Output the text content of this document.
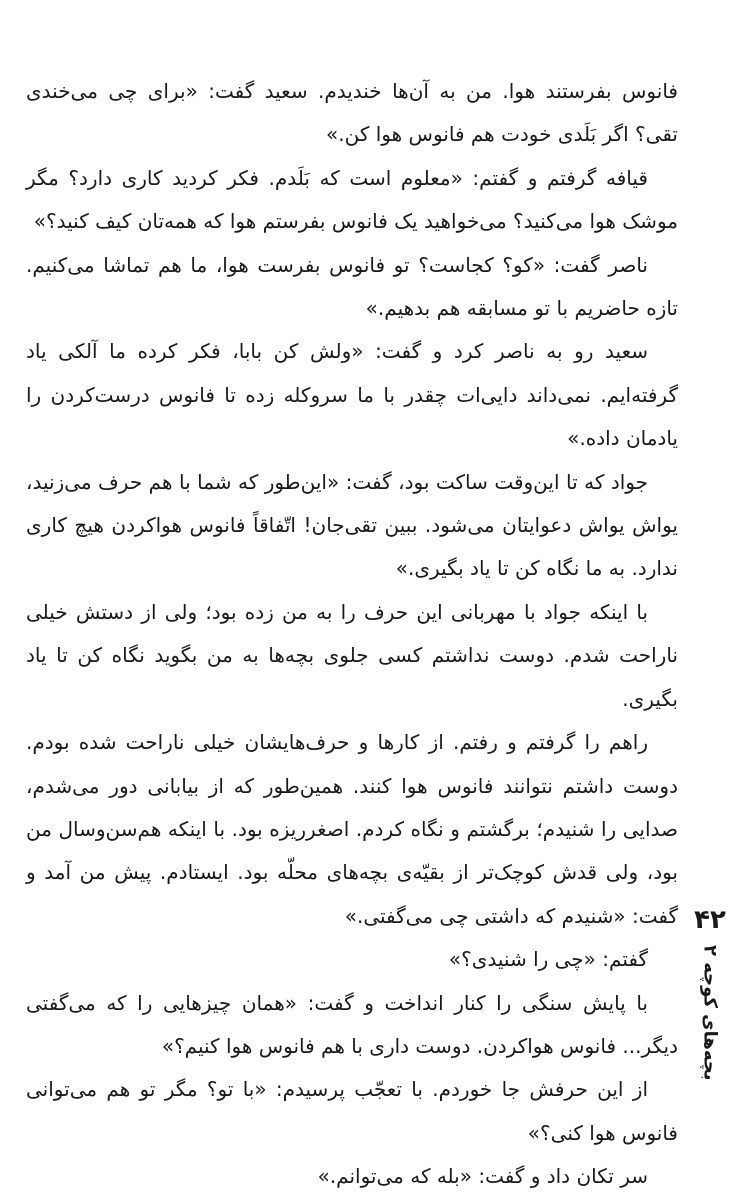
فانوس بفرستند هوا. من به آن‌ها خندیدم. سعید گفت: «برای چی می‌خندی تقی؟ اگر بَلَدی خودت هم فانوس هوا کن.»

قیافه گرفتم و گفتم: «معلوم است که بَلَدم. فکر کردید کاری دارد؟ مگر موشک هوا می‌کنید؟ می‌خواهید یک فانوس بفرستم هوا که همه‌تان کیف کنید؟»

ناصر گفت: «کو؟ کجاست؟ تو فانوس بفرست هوا، ما هم تماشا می‌کنیم. تازه حاضریم با تو مسابقه هم بدهیم.»

سعید رو به ناصر کرد و گفت: «ولش کن بابا، فکر کرده ما آلکی یاد گرفته‌ایم. نمی‌داند دایی‌ات چقدر با ما سروکله زده تا فانوس درست‌کردن را یادمان داده.»

جواد که تا این‌وقت ساکت بود، گفت: «این‌طور که شما با هم حرف می‌زنید، یواش یواش دعوایتان می‌شود. ببین تقی‌جان! اتّفاقاً فانوس هواکردن هیچ کاری ندارد. به ما نگاه کن تا یاد بگیری.»

با اینکه جواد با مهربانی این حرف را به من زده بود؛ ولی از دستش خیلی ناراحت شدم. دوست نداشتم کسی جلوی بچه‌ها به من بگوید نگاه کن تا یاد بگیری.

راهم را گرفتم و رفتم. از کارها و حرف‌هایشان خیلی ناراحت شده بودم. دوست داشتم نتوانند فانوس هوا کنند. همین‌طور که از بیابانی دور می‌شدم، صدایی را شنیدم؛ برگشتم و نگاه کردم. اصغرریزه بود. با اینکه هم‌سن‌وسال من بود، ولی قدش کوچک‌تر از بقیّه‌ی بچه‌های محلّه بود. ایستادم. پیش من آمد و گفت: «شنیدم که داشتی چی می‌گفتی.»

گفتم: «چی را شنیدی؟»

با پایش سنگی را کنار انداخت و گفت: «همان چیزهایی را که می‌گفتی دیگر... فانوس هواکردن. دوست داری با هم فانوس هوا کنیم؟»

از این حرفش جا خوردم. با تعجّب پرسیدم: «با تو؟ مگر تو هم می‌توانی فانوس هوا کنی؟»

سر تکان داد و گفت: «بله که می‌توانم.»

۴۲
بچه‌های کوچه ۲
